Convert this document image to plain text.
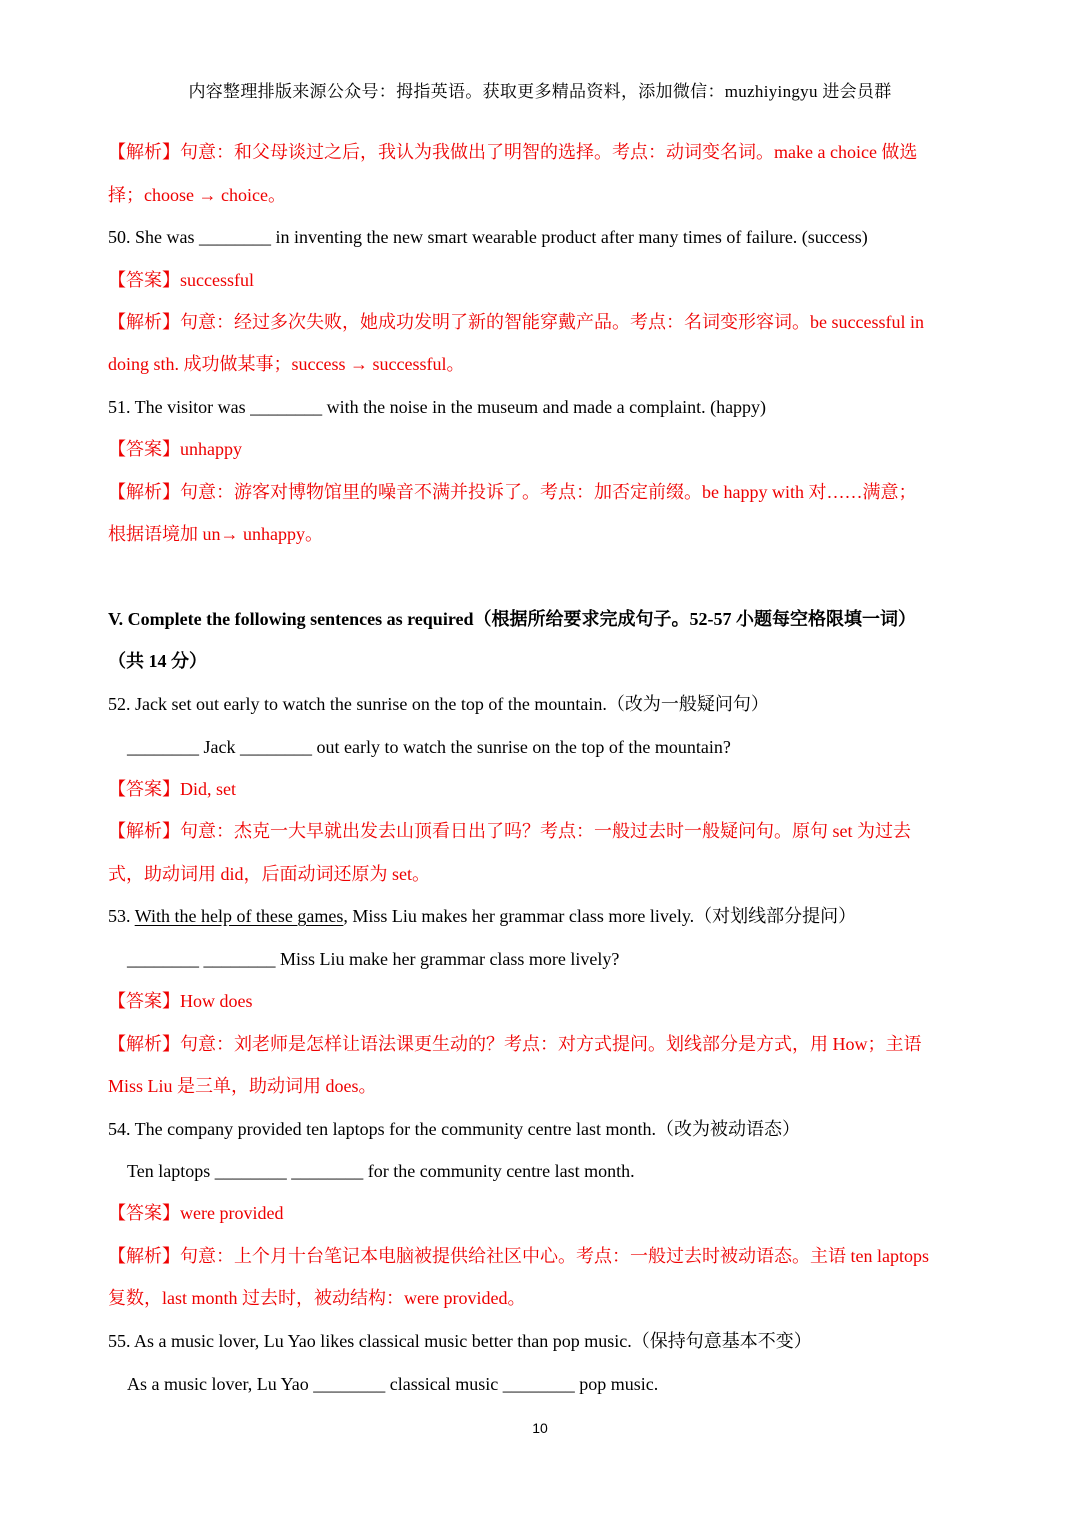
内容整理排版来源公众号：拇指英语。获取更多精品资料，添加微信：muzhiyingyu 进会员群
【解析】句意：和父母谈过之后，我认为我做出了明智的选择。考点：动词变名词。make a choice 做选
择；choose → choice。
50. She was ________ in inventing the new smart wearable product after many times of failure. (success)
【答案】successful
【解析】句意：经过多次失败，她成功发明了新的智能穿戴产品。考点：名词变形容词。be successful in
doing sth. 成功做某事；success → successful。
51. The visitor was ________ with the noise in the museum and made a complaint. (happy)
【答案】unhappy
【解析】句意：游客对博物馆里的噪音不满并投诉了。考点：加否定前缀。be happy with 对……满意；
根据语境加 un→ unhappy。
V. Complete the following sentences as required（根据所给要求完成句子。52-57 小题每空格限填一词）
（共 14 分）
52. Jack set out early to watch the sunrise on the top of the mountain.（改为一般疑问句）
________ Jack ________ out early to watch the sunrise on the top of the mountain?
【答案】Did, set
【解析】句意：杰克一大早就出发去山顶看日出了吗？考点：一般过去时一般疑问句。原句 set 为过去
式，助动词用 did，后面动词还原为 set。
53. With the help of these games, Miss Liu makes her grammar class more lively.（对划线部分提问）
________ ________ Miss Liu make her grammar class more lively?
【答案】How does
【解析】句意：刘老师是怎样让语法课更生动的？考点：对方式提问。划线部分是方式，用 How；主语
Miss Liu 是三单，助动词用 does。
54. The company provided ten laptops for the community centre last month.（改为被动语态）
Ten laptops ________ ________ for the community centre last month.
【答案】were provided
【解析】句意：上个月十台笔记本电脑被提供给社区中心。考点：一般过去时被动语态。主语 ten laptops
复数，last month 过去时，被动结构：were provided。
55. As a music lover, Lu Yao likes classical music better than pop music.（保持句意基本不变）
As a music lover, Lu Yao ________ classical music ________ pop music.
10
